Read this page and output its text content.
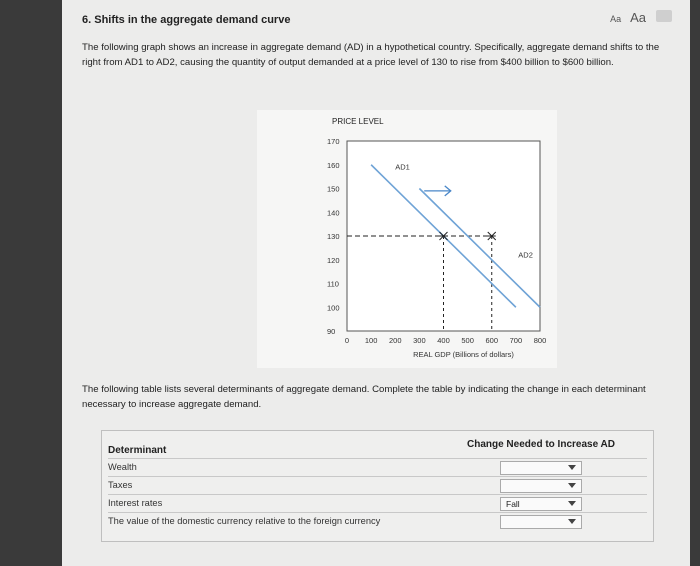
6. Shifts in the aggregate demand curve	Aa Aa
The following graph shows an increase in aggregate demand (AD) in a hypothetical country. Specifically, aggregate demand shifts to the right from AD1 to AD2, causing the quantity of output demanded at a price level of 130 to rise from $400 billion to $600 billion.
PRICE LEVEL
90
100
110
120
130
140
150
160
170
0 100 200 300 400 500 600 700 800
REAL GDP (Billions of dollars)
AD1
AD2
The following table lists several determinants of aggregate demand. Complete the table by indicating the change in each determinant necessary to increase aggregate demand.
Determinant
Change Needed to Increase AD
Wealth
Taxes
Interest rates	Fall
The value of the domestic currency relative to the foreign currency
